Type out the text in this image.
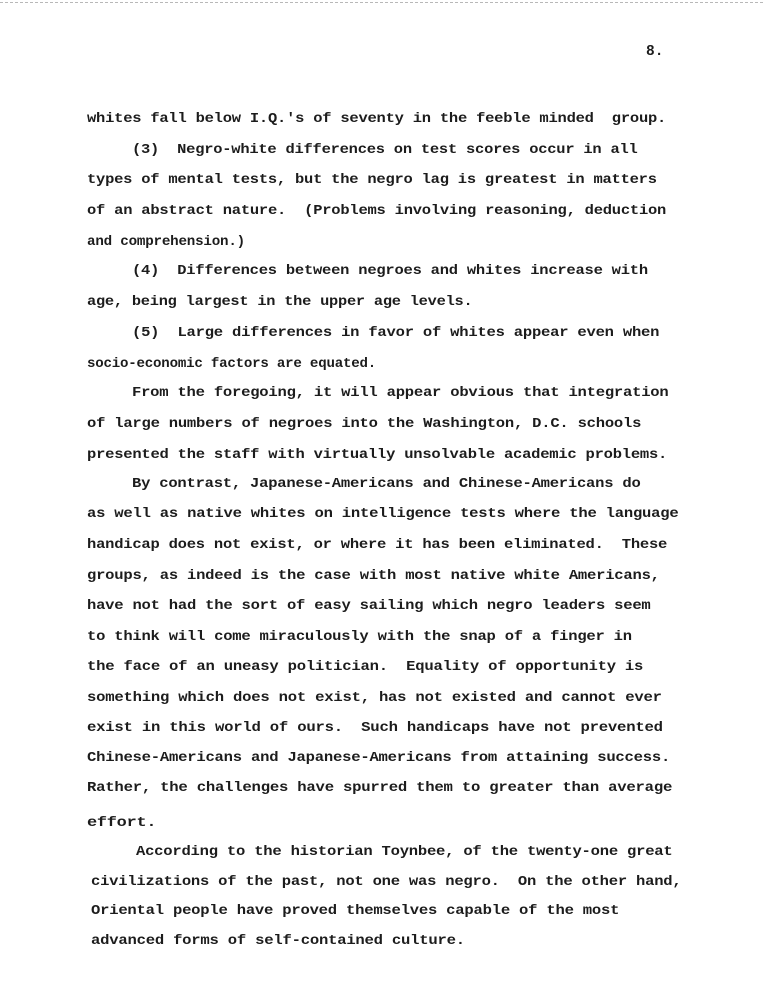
8.
whites fall below I.Q.'s of seventy in the feeble minded  group.
(3)  Negro-white differences on test scores occur in all
types of mental tests, but the negro lag is greatest in matters
of an abstract nature.  (Problems involving reasoning, deduction
and comprehension.)
(4)  Differences between negroes and whites increase with
age, being largest in the upper age levels.
(5)  Large differences in favor of whites appear even when
socio-economic factors are equated.
From the foregoing, it will appear obvious that integration
of large numbers of negroes into the Washington, D.C. schools
presented the staff with virtually unsolvable academic problems.
By contrast, Japanese-Americans and Chinese-Americans do
as well as native whites on intelligence tests where the language
handicap does not exist, or where it has been eliminated.  These
groups, as indeed is the case with most native white Americans,
have not had the sort of easy sailing which negro leaders seem
to think will come miraculously with the snap of a finger in
the face of an uneasy politician.  Equality of opportunity is
something which does not exist, has not existed and cannot ever
exist in this world of ours.  Such handicaps have not prevented
Chinese-Americans and Japanese-Americans from attaining success.
Rather, the challenges have spurred them to greater than average
effort.
According to the historian Toynbee, of the twenty-one great
civilizations of the past, not one was negro.  On the other hand,
Oriental people have proved themselves capable of the most
advanced forms of self-contained culture.
